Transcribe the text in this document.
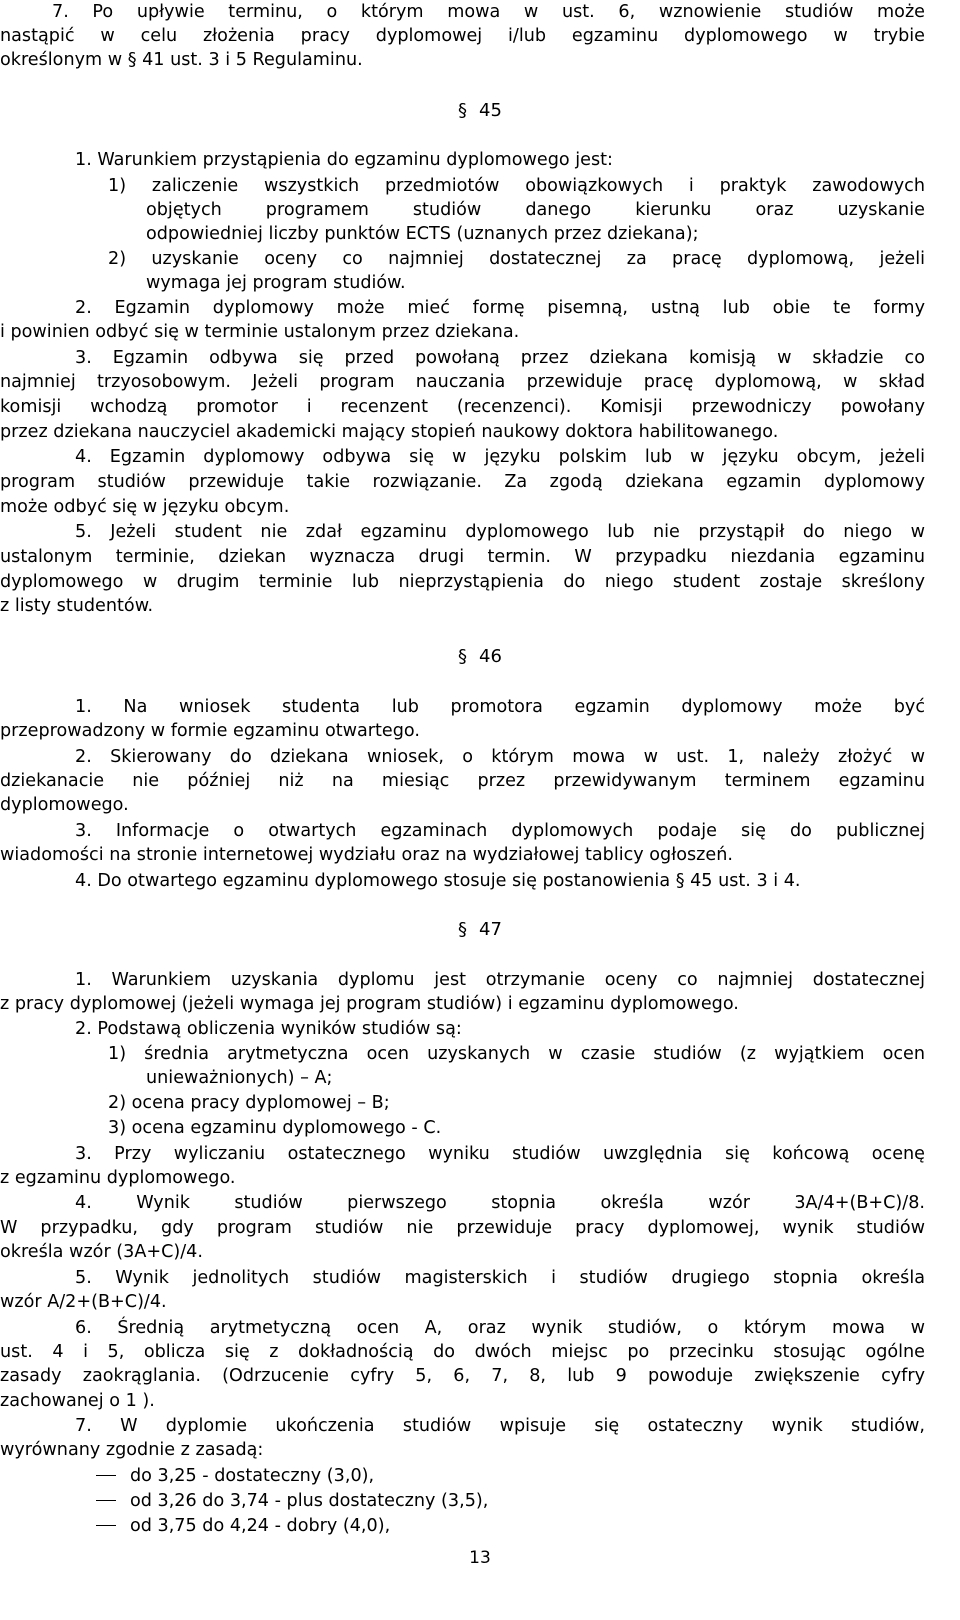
7. Po upływie terminu, o którym mowa w ust. 6, wznowienie studiów może
nastąpić w celu złożenia pracy dyplomowej i/lub egzaminu dyplomowego w trybie
określonym w § 41 ust. 3 i 5 Regulaminu.
§ 45
1. Warunkiem przystąpienia do egzaminu dyplomowego jest:
1) zaliczenie wszystkich przedmiotów obowiązkowych i praktyk zawodowych
objętych programem studiów danego kierunku oraz uzyskanie
odpowiedniej liczby punktów ECTS (uznanych przez dziekana);
2) uzyskanie oceny co najmniej dostatecznej za pracę dyplomową, jeżeli
wymaga jej program studiów.
2. Egzamin dyplomowy może mieć formę pisemną, ustną lub obie te formy
i powinien odbyć się w terminie ustalonym przez dziekana.
3. Egzamin odbywa się przed powołaną przez dziekana komisją w składzie co
najmniej trzyosobowym. Jeżeli program nauczania przewiduje pracę dyplomową, w skład
komisji wchodzą promotor i recenzent (recenzenci). Komisji przewodniczy powołany
przez dziekana nauczyciel akademicki mający stopień naukowy doktora habilitowanego.
4. Egzamin dyplomowy odbywa się w języku polskim lub w języku obcym, jeżeli
program studiów przewiduje takie rozwiązanie. Za zgodą dziekana egzamin dyplomowy
może odbyć się w języku obcym.
5. Jeżeli student nie zdał egzaminu dyplomowego lub nie przystąpił do niego w
ustalonym terminie, dziekan wyznacza drugi termin. W przypadku niezdania egzaminu
dyplomowego w drugim terminie lub nieprzystąpienia do niego student zostaje skreślony
z listy studentów.
§ 46
1. Na wniosek studenta lub promotora egzamin dyplomowy może być
przeprowadzony w formie egzaminu otwartego.
2. Skierowany do dziekana wniosek, o którym mowa w ust. 1, należy złożyć w
dziekanacie nie później niż na miesiąc przez przewidywanym terminem egzaminu
dyplomowego.
3. Informacje o otwartych egzaminach dyplomowych podaje się do publicznej
wiadomości na stronie internetowej wydziału oraz na wydziałowej tablicy ogłoszeń.
4. Do otwartego egzaminu dyplomowego stosuje się postanowienia § 45 ust. 3 i 4.
§ 47
1. Warunkiem uzyskania dyplomu jest otrzymanie oceny co najmniej dostatecznej
z pracy dyplomowej (jeżeli wymaga jej program studiów) i egzaminu dyplomowego.
2. Podstawą obliczenia wyników studiów są:
1) średnia arytmetyczna ocen uzyskanych w czasie studiów (z wyjątkiem ocen
unieważnionych) – A;
2) ocena pracy dyplomowej – B;
3) ocena egzaminu dyplomowego - C.
3. Przy wyliczaniu ostatecznego wyniku studiów uwzględnia się końcową ocenę
z egzaminu dyplomowego.
4. Wynik studiów pierwszego stopnia określa wzór 3A/4+(B+C)/8.
W przypadku, gdy program studiów nie przewiduje pracy dyplomowej, wynik studiów
określa wzór (3A+C)/4.
5. Wynik jednolitych studiów magisterskich i studiów drugiego stopnia określa
wzór A/2+(B+C)/4.
6. Średnią arytmetyczną ocen A, oraz wynik studiów, o którym mowa w
ust. 4 i 5, oblicza się z dokładnością do dwóch miejsc po przecinku stosując ogólne
zasady zaokrąglania. (Odrzucenie cyfry 5, 6, 7, 8, lub 9 powoduje zwiększenie cyfry
zachowanej o 1 ).
7. W dyplomie ukończenia studiów wpisuje się ostateczny wynik studiów,
wyrównany zgodnie z zasadą:
do 3,25 - dostateczny (3,0),
od 3,26 do 3,74 - plus dostateczny (3,5),
od 3,75 do 4,24 - dobry (4,0),
13
